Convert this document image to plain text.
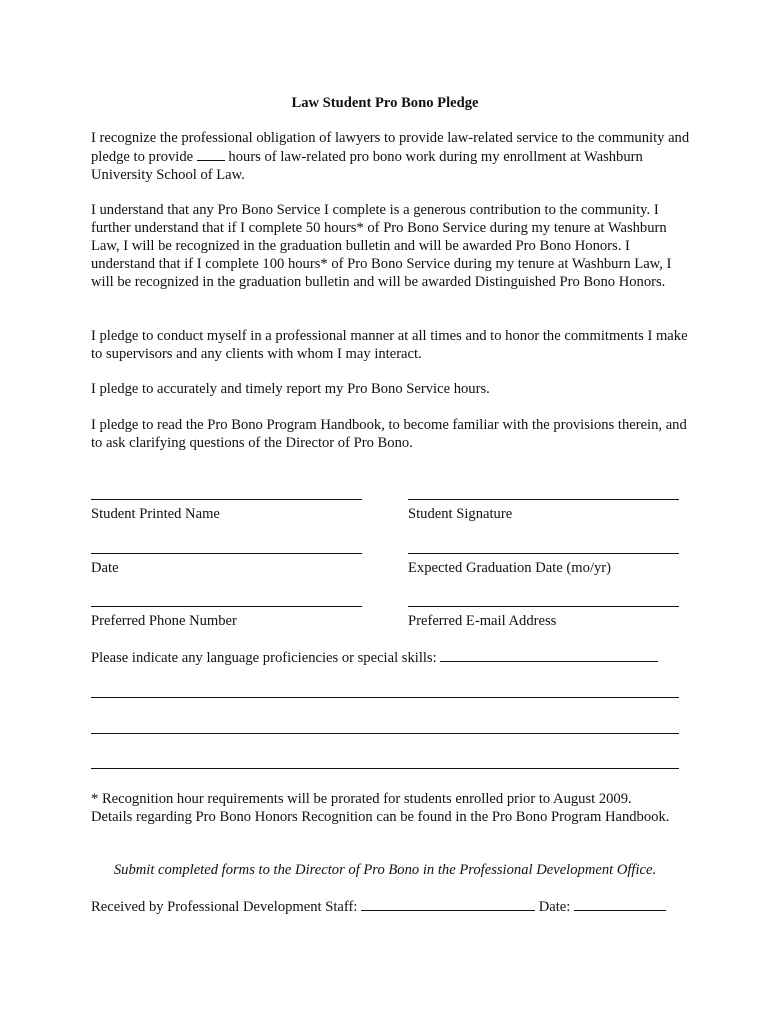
Law Student Pro Bono Pledge

I recognize the professional obligation of lawyers to provide law-related service to the community and pledge to provide  hours of law-related pro bono work during my enrollment at Washburn University School of Law.

I understand that any Pro Bono Service I complete is a generous contribution to the community. I further understand that if I complete 50 hours* of Pro Bono Service during my tenure at Washburn Law, I will be recognized in the graduation bulletin and will be awarded Pro Bono Honors. I understand that if I complete 100 hours* of Pro Bono Service during my tenure at Washburn Law, I will be recognized in the graduation bulletin and will be awarded Distinguished Pro Bono Honors.

I pledge to conduct myself in a professional manner at all times and to honor the commitments I make to supervisors and any clients with whom I may interact.

I pledge to accurately and timely report my Pro Bono Service hours.

I pledge to read the Pro Bono Program Handbook, to become familiar with the provisions therein, and to ask clarifying questions of the Director of Pro Bono.

Student Printed Name	Student Signature
Date	Expected Graduation Date (mo/yr)
Preferred Phone Number	Preferred E-mail Address
Please indicate any language proficiencies or special skills:

* Recognition hour requirements will be prorated for students enrolled prior to August 2009. Details regarding Pro Bono Honors Recognition can be found in the Pro Bono Program Handbook.

Submit completed forms to the Director of Pro Bono in the Professional Development Office.
Received by Professional Development Staff:	Date:
